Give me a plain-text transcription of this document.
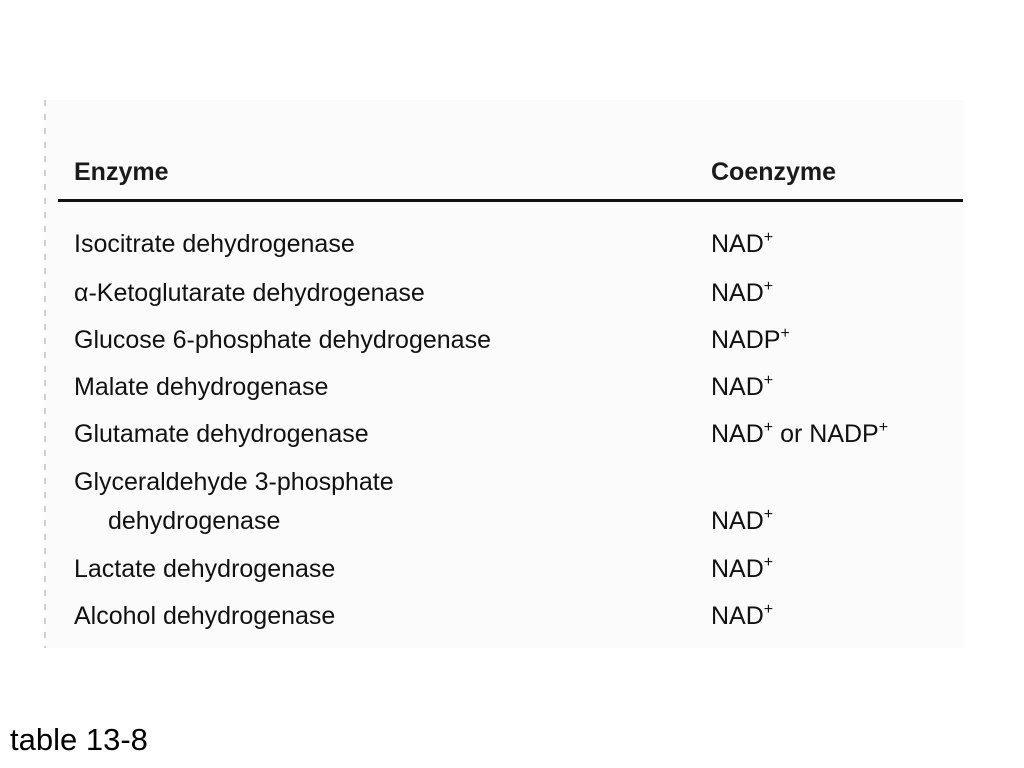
Enzyme	Coenzyme
Isocitrate dehydrogenase	NAD+
α-Ketoglutarate dehydrogenase	NAD+
Glucose 6-phosphate dehydrogenase	NADP+
Malate dehydrogenase	NAD+
Glutamate dehydrogenase	NAD+ or NADP+
Glyceraldehyde 3-phosphate
dehydrogenase	NAD+
Lactate dehydrogenase	NAD+
Alcohol dehydrogenase	NAD+
table 13-8
